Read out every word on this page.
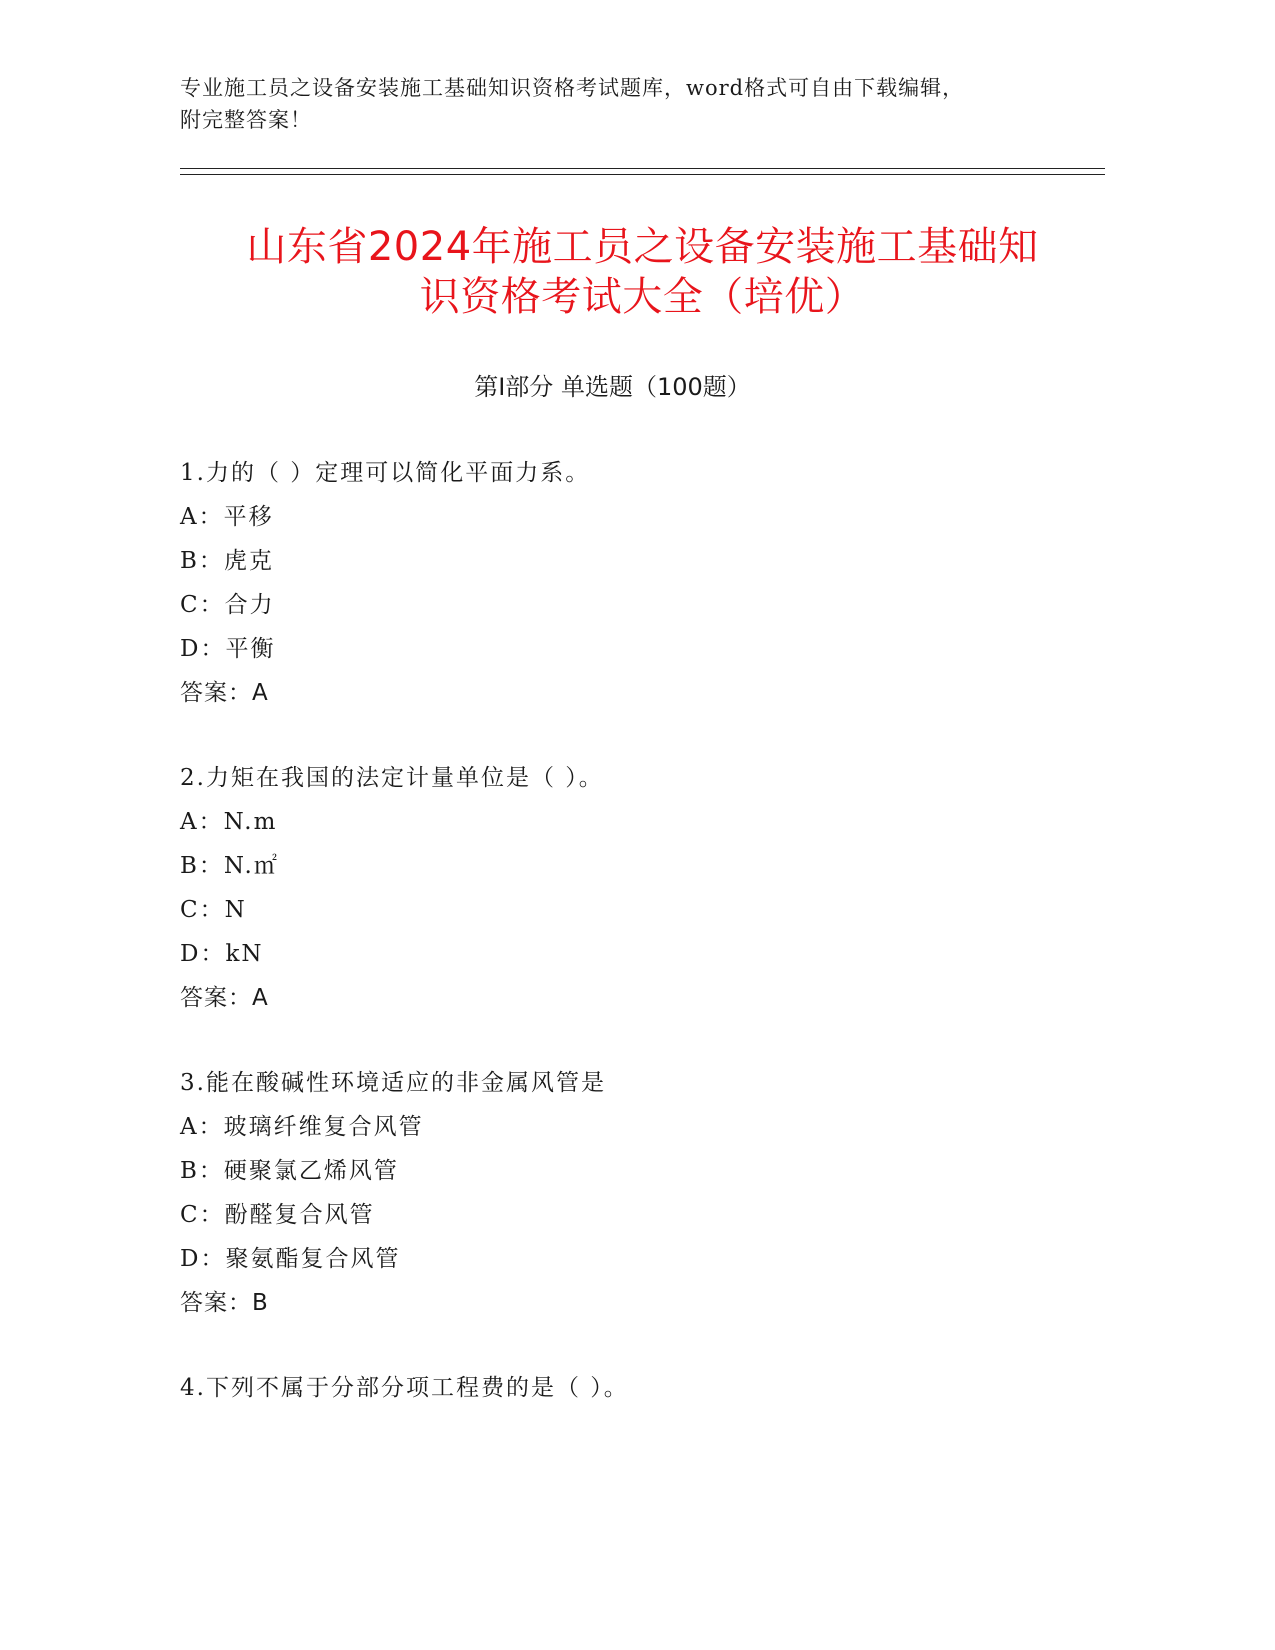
专业施工员之设备安装施工基础知识资格考试题库，word格式可自由下载编辑，
附完整答案！
山东省2024年施工员之设备安装施工基础知
识资格考试大全（培优）
第Ⅰ部分 单选题（100题）
1.力的（ ）定理可以简化平面力系。
A：平移
B：虎克
C：合力
D：平衡
答案：A
2.力矩在我国的法定计量单位是（ ）。
A：N.m
B：N.㎡
C：N
D：kN
答案：A
3.能在酸碱性环境适应的非金属风管是
A：玻璃纤维复合风管
B：硬聚氯乙烯风管
C：酚醛复合风管
D：聚氨酯复合风管
答案：B
4.下列不属于分部分项工程费的是（ ）。
